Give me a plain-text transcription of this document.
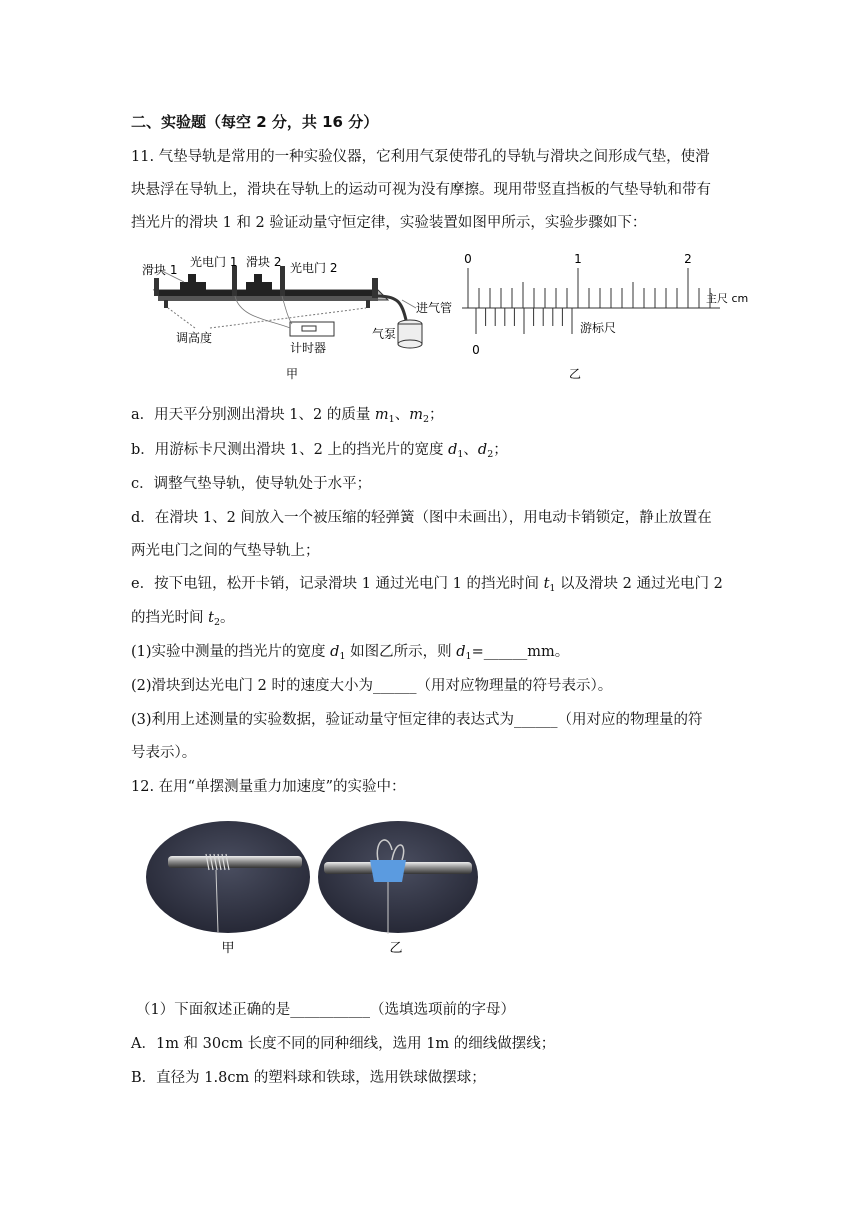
二、实验题（每空 2 分，共 16 分）
11. 气垫导轨是常用的一种实验仪器，它利用气泵使带孔的导轨与滑块之间形成气垫，使滑
块悬浮在导轨上，滑块在导轨上的运动可视为没有摩擦。现用带竖直挡板的气垫导轨和带有
挡光片的滑块 1 和 2 验证动量守恒定律，实验装置如图甲所示，实验步骤如下：
滑块 1
光电门 1 滑块 2 光电门 2
进气管
调高度
计时器
气泵
甲
0	1	2
主尺 cm
0
游标尺
乙
a．用天平分别测出滑块 1、2 的质量 $m_1$、$m_2$；
b．用游标卡尺测出滑块 1、2 上的挡光片的宽度 $d_1$、$d_2$；
c．调整气垫导轨，使导轨处于水平；
d．在滑块 1、2 间放入一个被压缩的轻弹簧（图中未画出），用电动卡销锁定，静止放置在
两光电门之间的气垫导轨上；
e．按下电钮，松开卡销，记录滑块 1 通过光电门 1 的挡光时间 $t_1$ 以及滑块 2 通过光电门 2
的挡光时间 $t_2$。
(1)实验中测量的挡光片的宽度 $d_1$ 如图乙所示，则 $d_1=\_\_\_\_\_\_mm$。
(2)滑块到达光电门 2 时的速度大小为______（用对应物理量的符号表示）。
(3)利用上述测量的实验数据，验证动量守恒定律的表达式为______（用对应的物理量的符
号表示）。
12. 在用“单摆测量重力加速度”的实验中：
甲	乙
（1）下面叙述正确的是___________（选填选项前的字母）
A．1m 和 30cm 长度不同的同种细线，选用 1m 的细线做摆线；
B．直径为 1.8cm 的塑料球和铁球，选用铁球做摆球；
